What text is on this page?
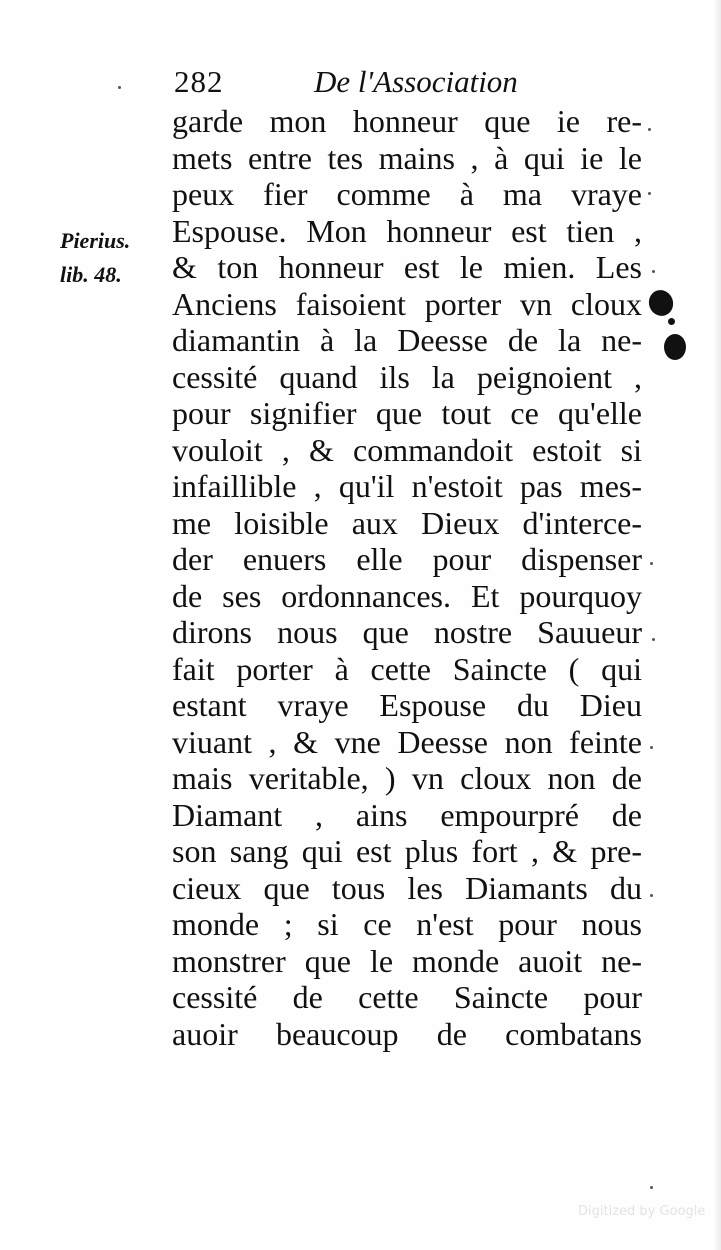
282	De l'Association
Pierius.
lib. 48.
garde mon honneur que ie re-
mets entre tes mains , à qui ie le
peux fier comme à ma vraye
Espouse. Mon honneur est tien ,
& ton honneur est le mien. Les
Anciens faisoient porter vn cloux
diamantin à la Deesse de la ne-
cessité quand ils la peignoient ,
pour signifier que tout ce qu'elle
vouloit , & commandoit estoit si
infaillible , qu'il n'estoit pas mes-
me loisible aux Dieux d'interce-
der enuers elle pour dispenser
de ses ordonnances. Et pourquoy
dirons nous que nostre Sauueur
fait porter à cette Saincte ( qui
estant vraye Espouse du Dieu
viuant , & vne Deesse non feinte
mais veritable, ) vn cloux non de
Diamant , ains empourpré de
son sang qui est plus fort , & pre-
cieux que tous les Diamants du
monde ; si ce n'est pour nous
monstrer que le monde auoit ne-
cessité de cette Saincte pour
auoir beaucoup de combatans
Digitized by Google
